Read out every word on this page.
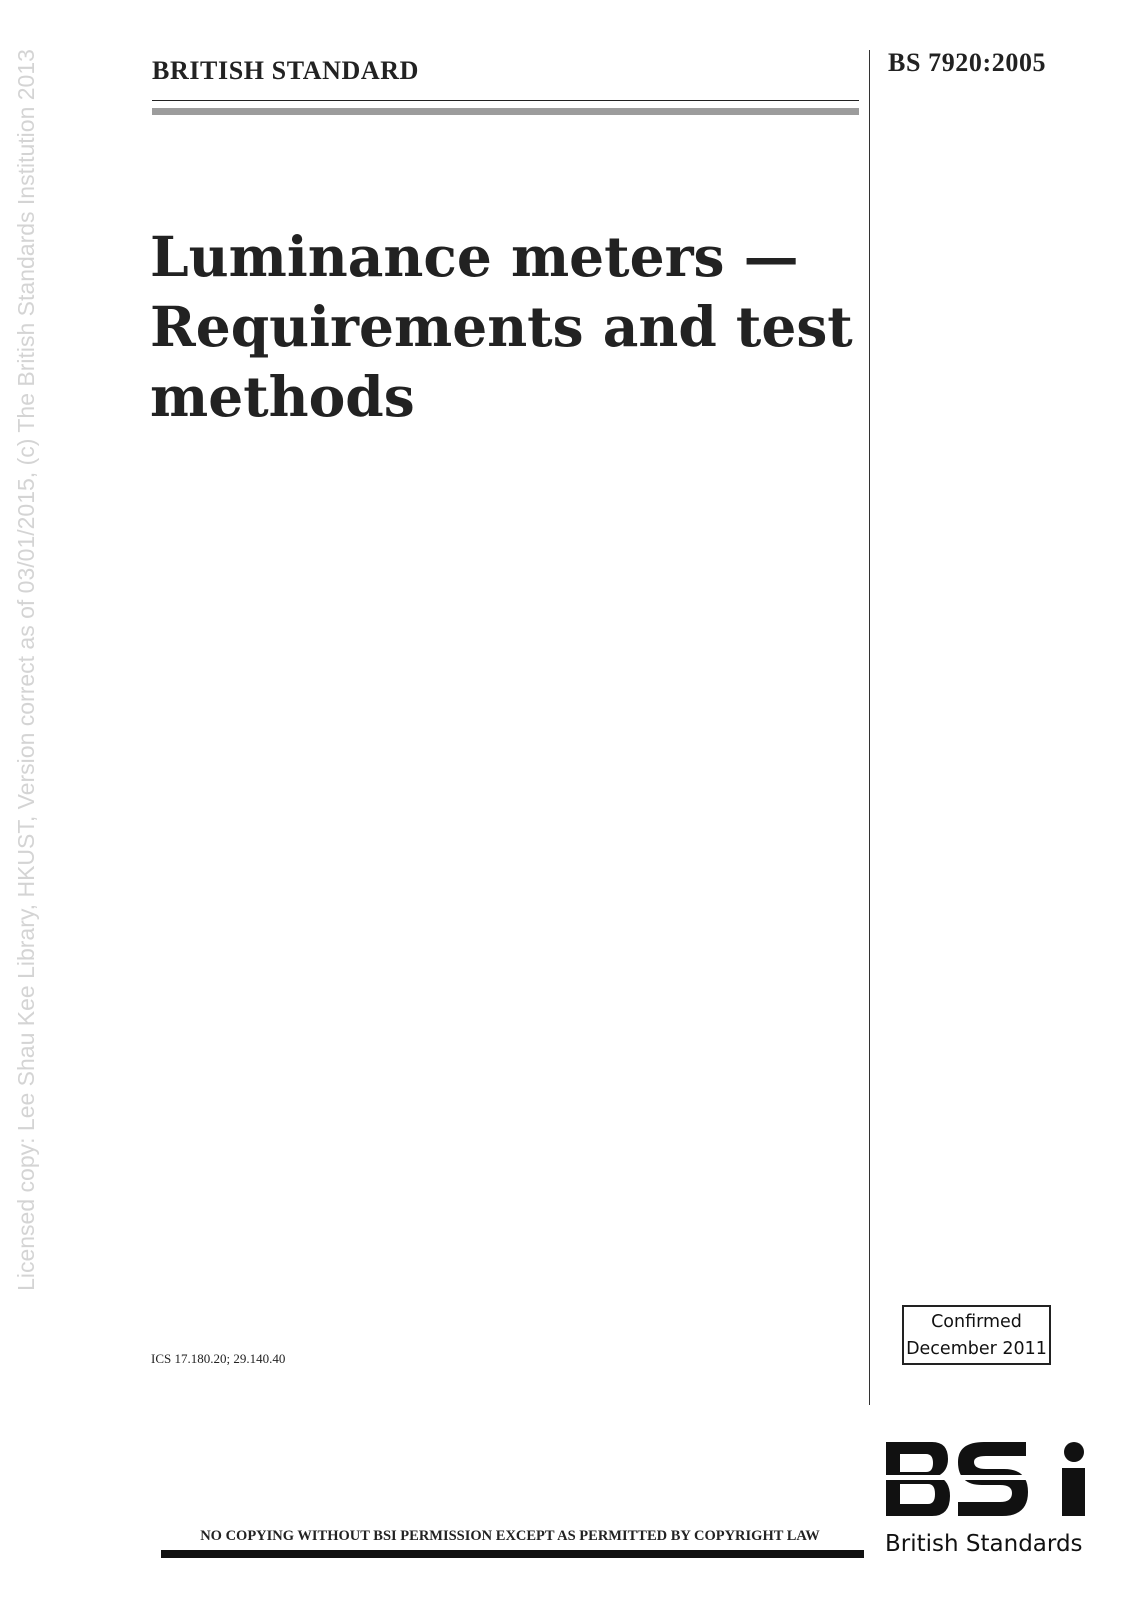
Licensed copy: Lee Shau Kee Library, HKUST, Version correct as of 03/01/2015, (c) The British Standards Institution 2013	BRITISH STANDARD	BS 7920:2005
Luminance meters —
Requirements and test
methods
ICS 17.180.20; 29.140.40
Confirmed
December 2011
NO COPYING WITHOUT BSI PERMISSION EXCEPT AS PERMITTED BY COPYRIGHT LAW	British Standards
